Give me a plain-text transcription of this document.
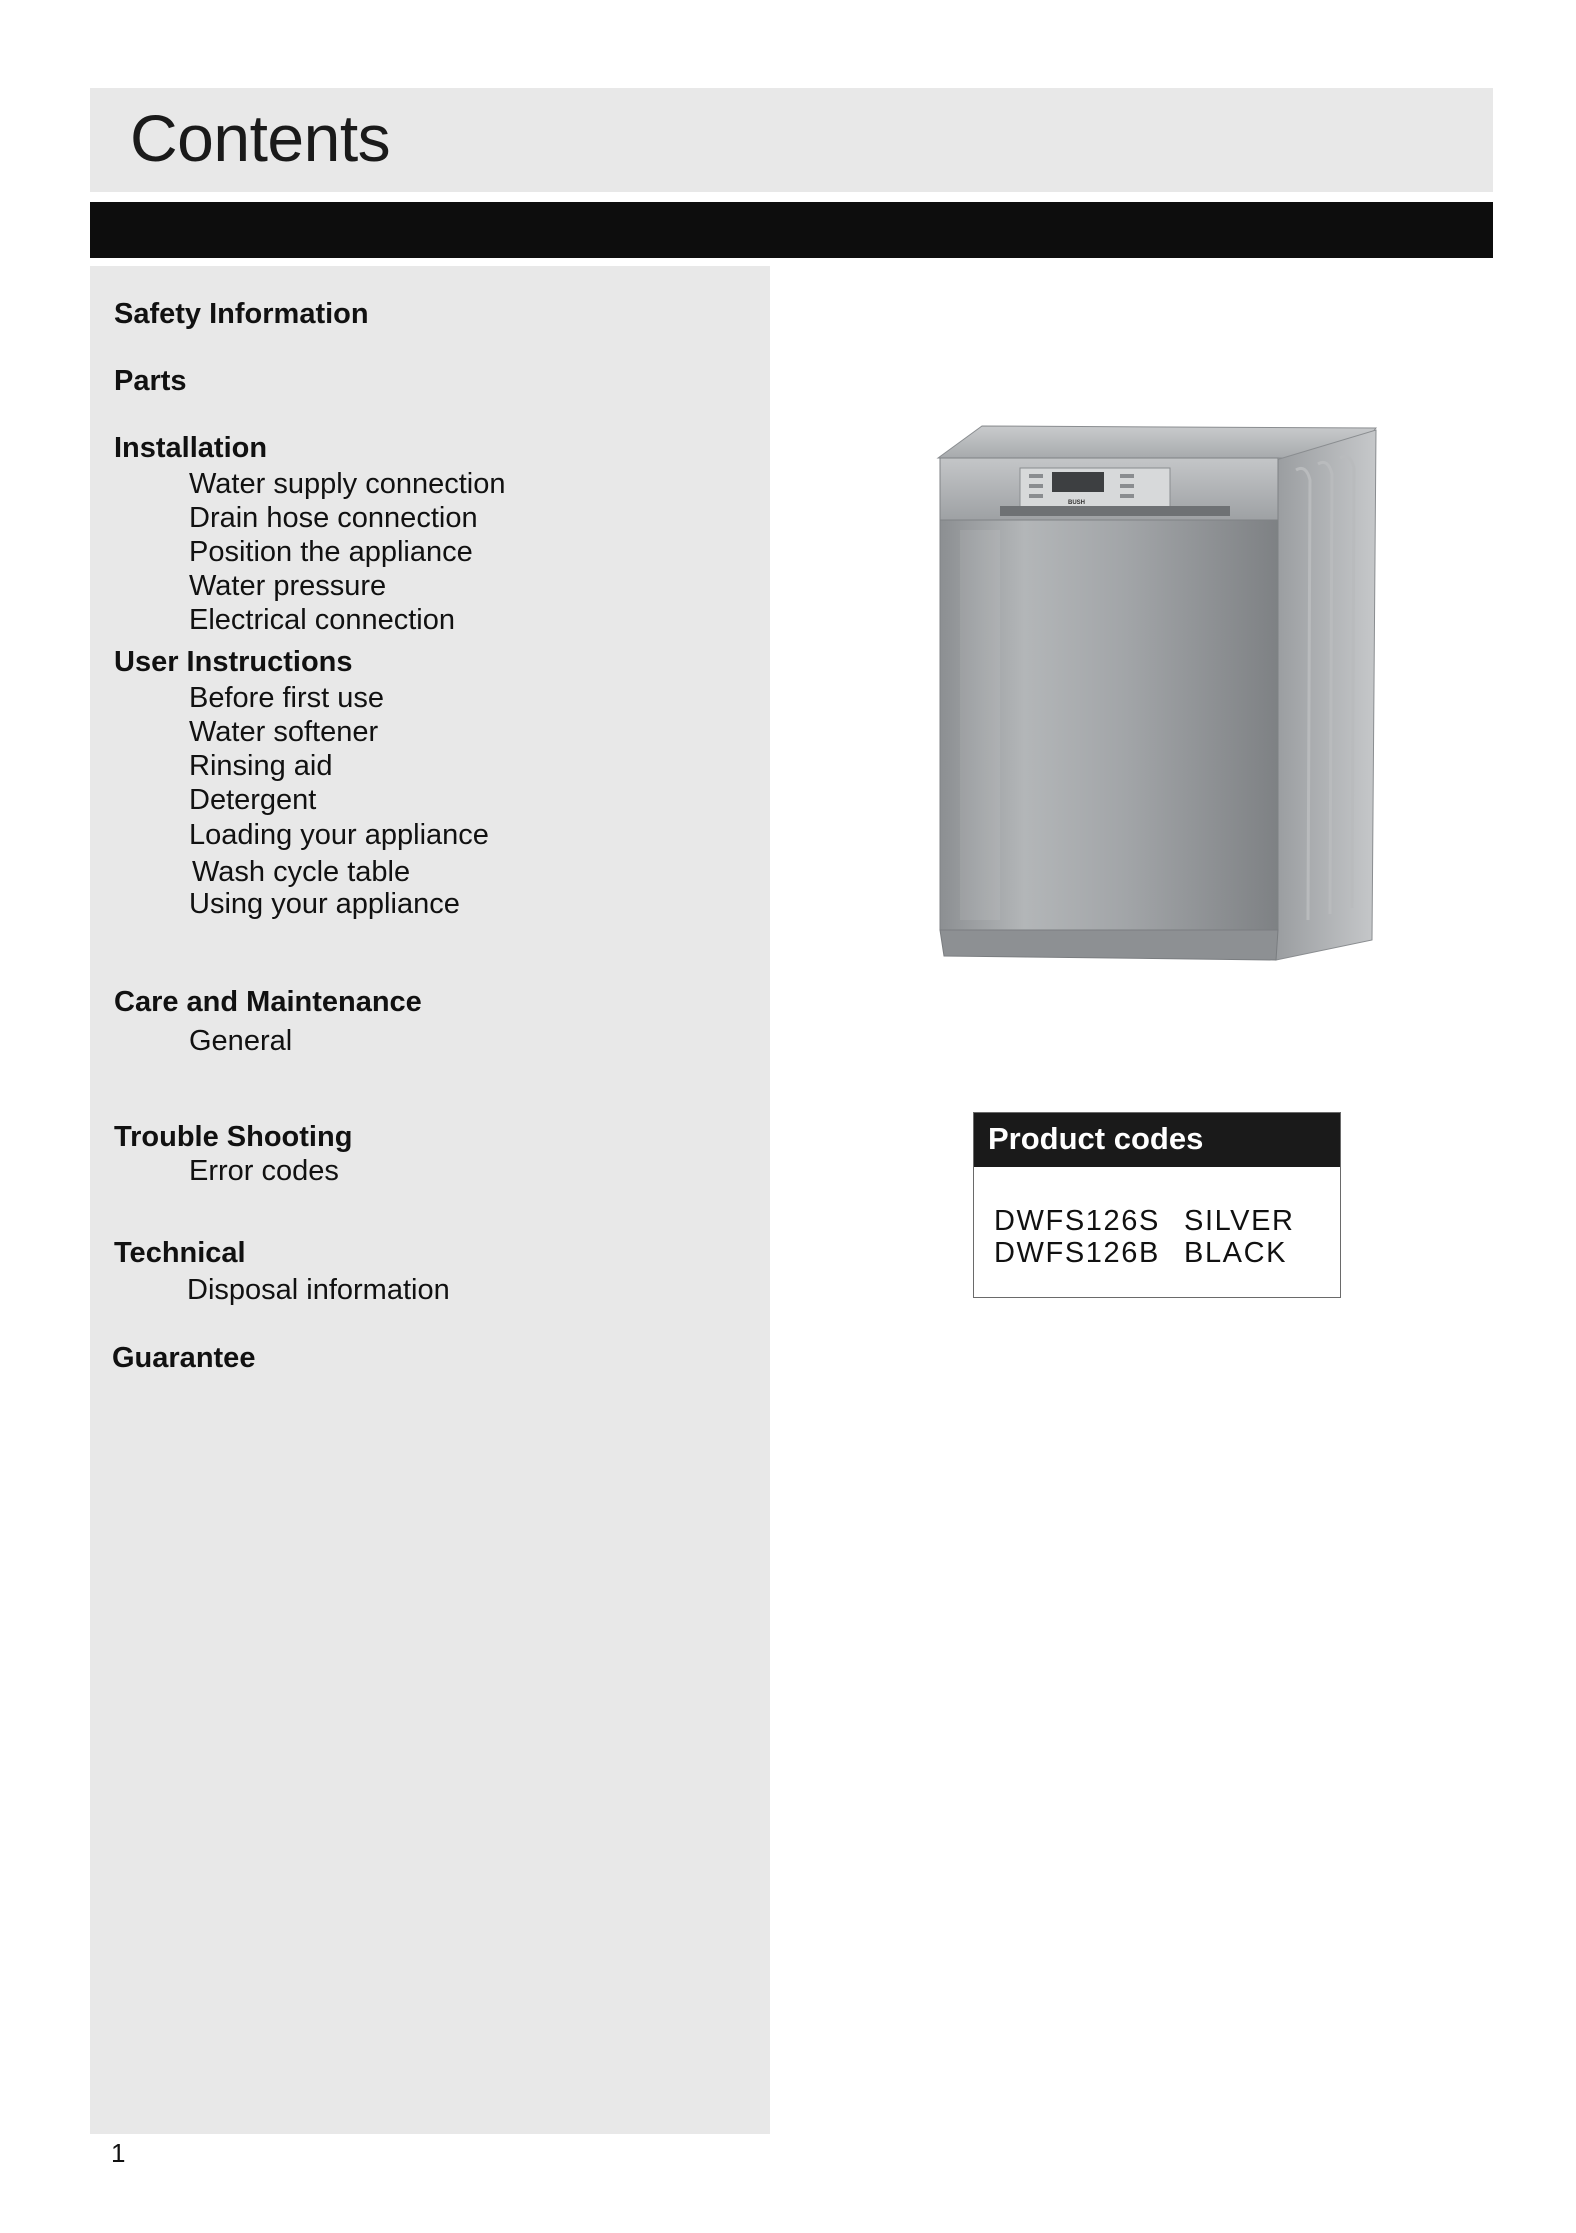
Contents
Safety Information
Parts
Installation
Water supply connection
Drain hose connection
Position the appliance
Water pressure
Electrical connection
User Instructions
Before first use
Water softener
Rinsing aid
Detergent
Loading your appliance
Wash cycle table
Using your appliance
Care and Maintenance
General
Trouble Shooting
Error codes
Technical
Disposal information
Guarantee
1
BUSH
Product codes
DWFS126S SILVER
DWFS126B BLACK
